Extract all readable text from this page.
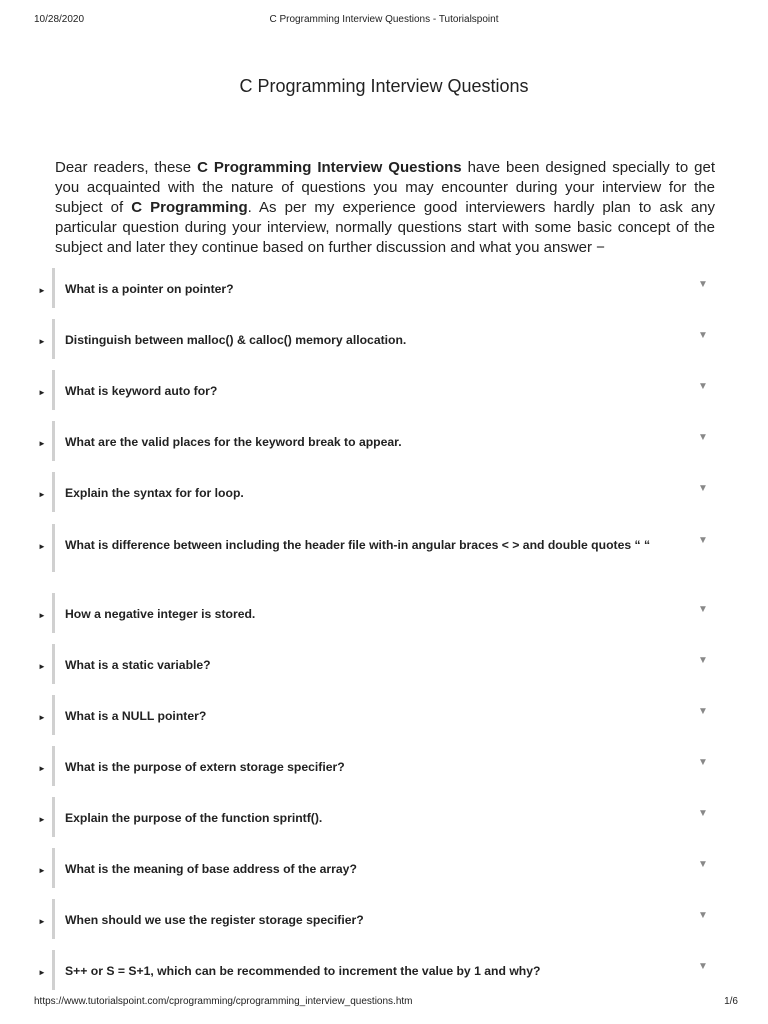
10/28/2020	C Programming Interview Questions - Tutorialspoint
C Programming Interview Questions

Dear readers, these C Programming Interview Questions have been designed specially to get you acquainted with the nature of questions you may encounter during your interview for the subject of C Programming. As per my experience good interviewers hardly plan to ask any particular question during your interview, normally questions start with some basic concept of the subject and later they continue based on further discussion and what you answer −

► What is a pointer on pointer?	▼
► Distinguish between malloc() & calloc() memory allocation.	▼
► What is keyword auto for?	▼
► What are the valid places for the keyword break to appear.	▼
► Explain the syntax for for loop.	▼
► What is difference between including the header file with-in angular braces < > and double quotes “ “	▼
► How a negative integer is stored.	▼
► What is a static variable?	▼
► What is a NULL pointer?	▼
► What is the purpose of extern storage specifier?	▼
► Explain the purpose of the function sprintf().	▼
► What is the meaning of base address of the array?	▼
► When should we use the register storage specifier?	▼
► S++ or S = S+1, which can be recommended to increment the value by 1 and why?	▼
https://www.tutorialspoint.com/cprogramming/cprogramming_interview_questions.htm	1/6
